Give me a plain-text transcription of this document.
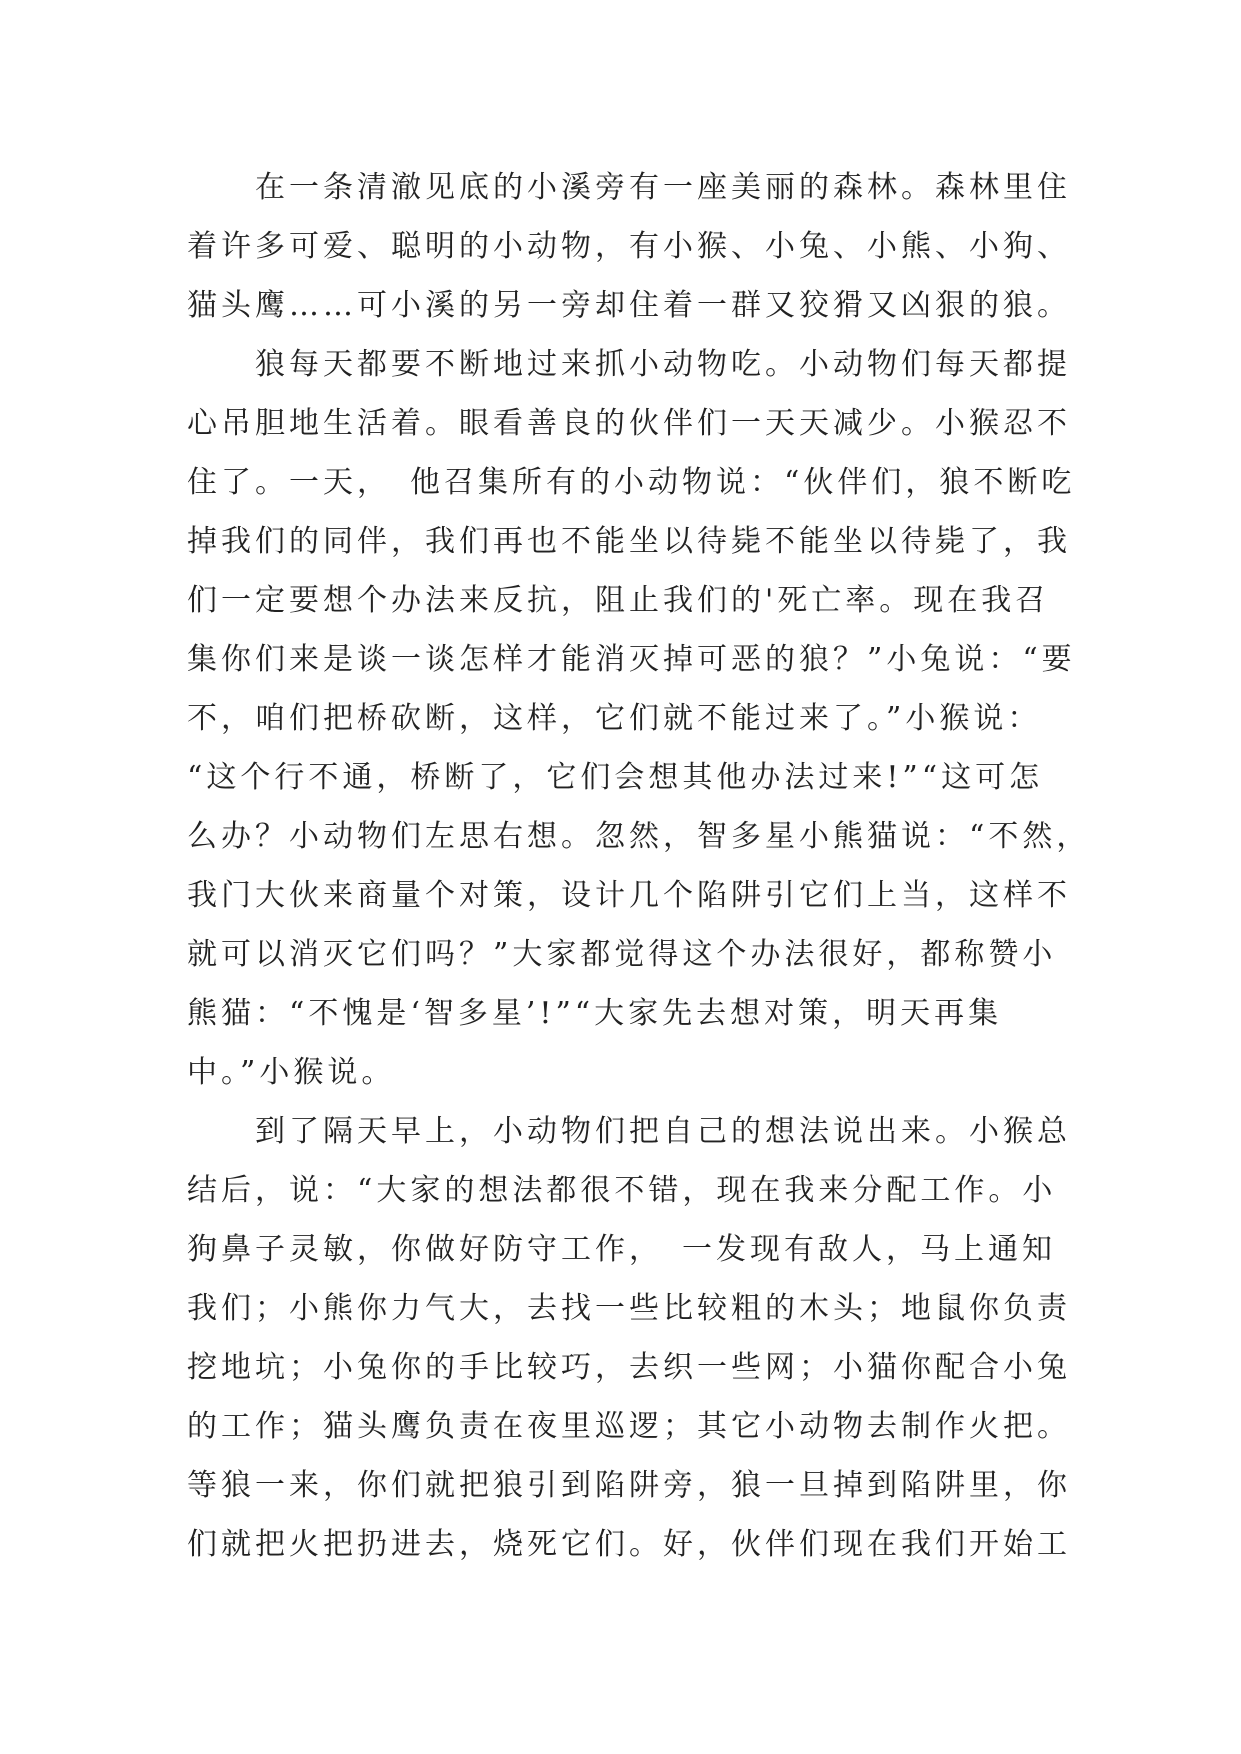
　　在一条清澈见底的小溪旁有一座美丽的森林。森林里住
着许多可爱、聪明的小动物，有小猴、小兔、小熊、小狗、
猫头鹰……可小溪的另一旁却住着一群又狡猾又凶狠的狼。
　　狼每天都要不断地过来抓小动物吃。小动物们每天都提
心吊胆地生活着。眼看善良的伙伴们一天天减少。小猴忍不
住了。一天，　他召集所有的小动物说：“伙伴们，狼不断吃
掉我们的同伴，我们再也不能坐以待毙不能坐以待毙了，我
们一定要想个办法来反抗，阻止我们的'死亡率。现在我召
集你们来是谈一谈怎样才能消灭掉可恶的狼？”小兔说：“要
不，咱们把桥砍断，这样，它们就不能过来了。”小猴说：
“这个行不通，桥断了，它们会想其他办法过来!”“这可怎
么办？小动物们左思右想。忽然，智多星小熊猫说：“不然，
我门大伙来商量个对策，设计几个陷阱引它们上当，这样不
就可以消灭它们吗？”大家都觉得这个办法很好，都称赞小
熊猫：“不愧是‘智多星’!”“大家先去想对策，明天再集
中。”小猴说。
　　到了隔天早上，小动物们把自己的想法说出来。小猴总
结后，说：“大家的想法都很不错，现在我来分配工作。小
狗鼻子灵敏，你做好防守工作，　一发现有敌人，马上通知
我们；小熊你力气大，去找一些比较粗的木头；地鼠你负责
挖地坑；小兔你的手比较巧，去织一些网；小猫你配合小兔
的工作；猫头鹰负责在夜里巡逻；其它小动物去制作火把。
等狼一来，你们就把狼引到陷阱旁，狼一旦掉到陷阱里，你
们就把火把扔进去，烧死它们。好，伙伴们现在我们开始工
